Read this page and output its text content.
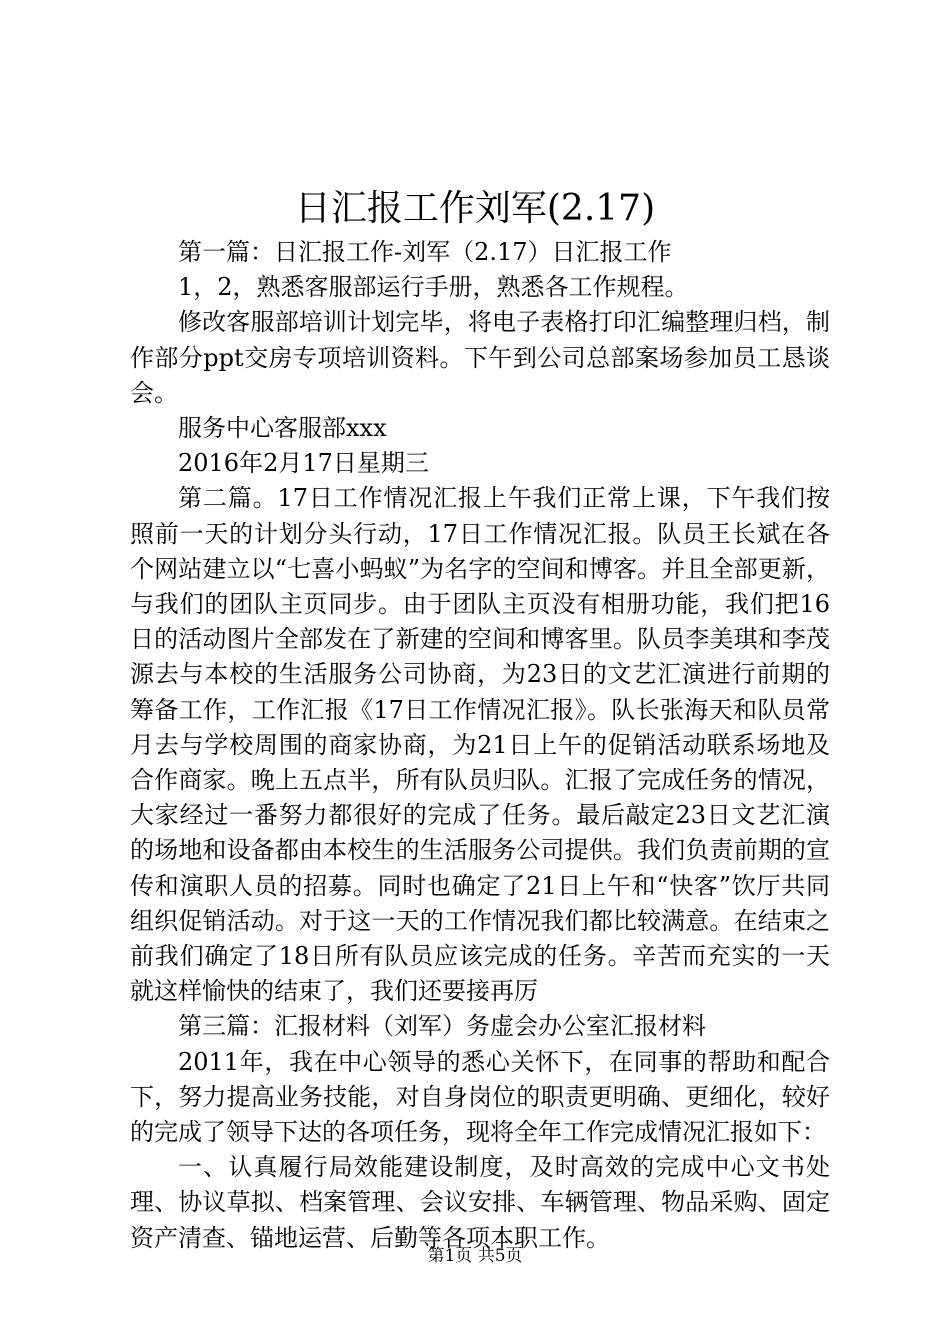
日汇报工作刘军(2.17)

第一篇：日汇报工作-刘军（2.17）日汇报工作

1，2，熟悉客服部运行手册，熟悉各工作规程。

修改客服部培训计划完毕，将电子表格打印汇编整理归档，制作部分ppt交房专项培训资料。下午到公司总部案场参加员工恳谈会。

服务中心客服部xxx

2016年2月17日星期三

第二篇。17日工作情况汇报上午我们正常上课，下午我们按照前一天的计划分头行动，17日工作情况汇报。队员王长斌在各个网站建立以“七喜小蚂蚁”为名字的空间和博客。并且全部更新，与我们的团队主页同步。由于团队主页没有相册功能，我们把16日的活动图片全部发在了新建的空间和博客里。队员李美琪和李茂源去与本校的生活服务公司协商，为23日的文艺汇演进行前期的筹备工作，工作汇报《17日工作情况汇报》。队长张海天和队员常月去与学校周围的商家协商，为21日上午的促销活动联系场地及合作商家。晚上五点半，所有队员归队。汇报了完成任务的情况，大家经过一番努力都很好的完成了任务。最后敲定23日文艺汇演的场地和设备都由本校生的生活服务公司提供。我们负责前期的宣传和演职人员的招募。同时也确定了21日上午和“快客”饮厅共同组织促销活动。对于这一天的工作情况我们都比较满意。在结束之前我们确定了18日所有队员应该完成的任务。辛苦而充实的一天就这样愉快的结束了，我们还要接再厉

第三篇：汇报材料（刘军）务虚会办公室汇报材料

2011年，我在中心领导的悉心关怀下，在同事的帮助和配合下，努力提高业务技能，对自身岗位的职责更明确、更细化，较好的完成了领导下达的各项任务，现将全年工作完成情况汇报如下：

一、认真履行局效能建设制度，及时高效的完成中心文书处理、协议草拟、档案管理、会议安排、车辆管理、物品采购、固定资产清查、锚地运营、后勤等各项本职工作。

第1页 共5页
